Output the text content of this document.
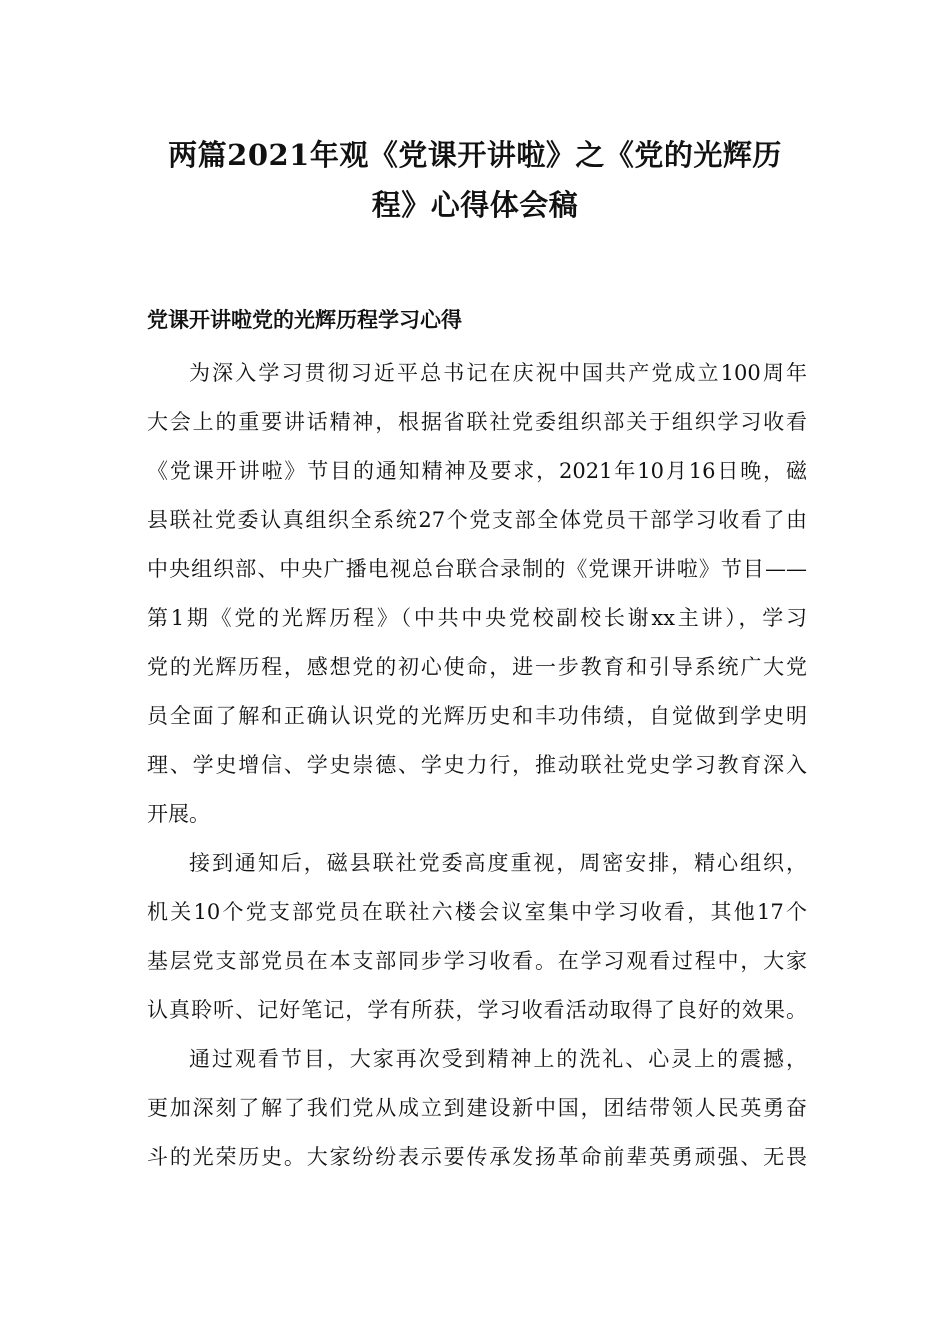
两篇2021年观《党课开讲啦》之《党的光辉历
程》心得体会稿
党课开讲啦党的光辉历程学习心得
为深入学习贯彻习近平总书记在庆祝中国共产党成立100周年
大会上的重要讲话精神，根据省联社党委组织部关于组织学习收看
《党课开讲啦》节目的通知精神及要求，2021年10月16日晚，磁
县联社党委认真组织全系统27个党支部全体党员干部学习收看了由
中央组织部、中央广播电视总台联合录制的《党课开讲啦》节目——
第1期《党的光辉历程》（中共中央党校副校长谢xx主讲），学习
党的光辉历程，感想党的初心使命，进一步教育和引导系统广大党
员全面了解和正确认识党的光辉历史和丰功伟绩，自觉做到学史明
理、学史增信、学史崇德、学史力行，推动联社党史学习教育深入
开展。
接到通知后，磁县联社党委高度重视，周密安排，精心组织，
机关10个党支部党员在联社六楼会议室集中学习收看，其他17个
基层党支部党员在本支部同步学习收看。在学习观看过程中，大家
认真聆听、记好笔记，学有所获，学习收看活动取得了良好的效果。
通过观看节目，大家再次受到精神上的洗礼、心灵上的震撼，
更加深刻了解了我们党从成立到建设新中国，团结带领人民英勇奋
斗的光荣历史。大家纷纷表示要传承发扬革命前辈英勇顽强、无畏
